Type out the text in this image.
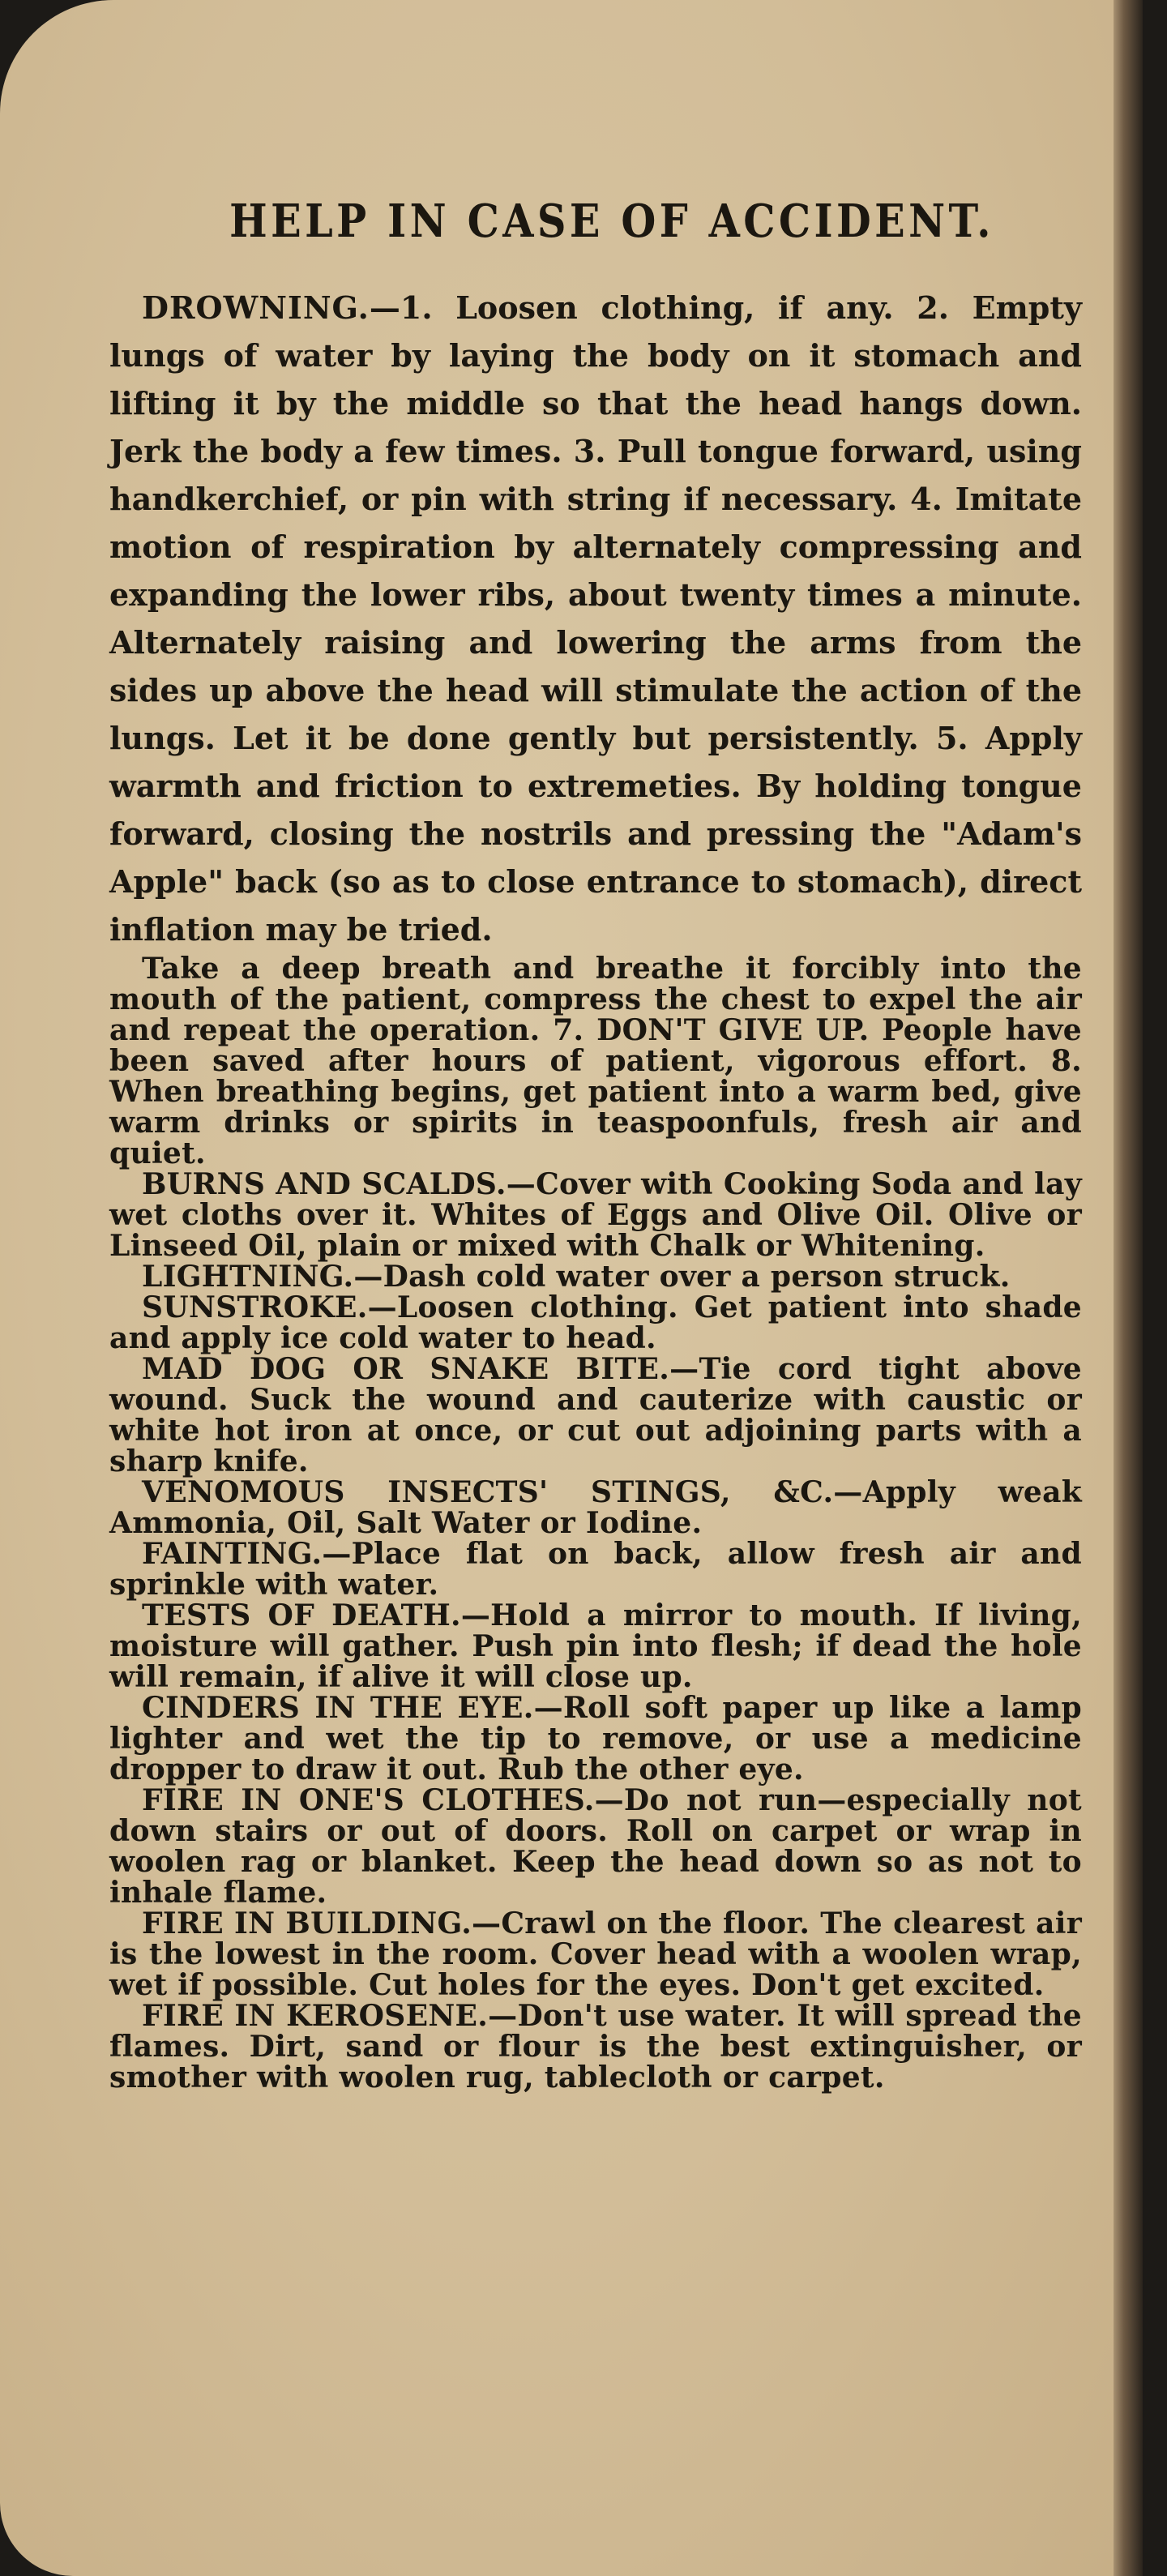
HELP IN CASE OF ACCIDENT.

DROWNING.—1. Loosen clothing, if any. 2. Empty lungs of water by laying the body on it stomach and lifting it by the middle so that the head hangs down. Jerk the body a few times. 3. Pull tongue forward, using handkerchief, or pin with string if necessary. 4. Imitate motion of respiration by alternately compressing and expanding the lower ribs, about twenty times a minute. Alternately raising and lowering the arms from the sides up above the head will stimulate the action of the lungs. Let it be done gently but persistently. 5. Apply warmth and friction to extremeties. By holding tongue forward, closing the nostrils and pressing the "Adam's Apple" back (so as to close entrance to stomach), direct inflation may be tried.

Take a deep breath and breathe it forcibly into the mouth of the patient, compress the chest to expel the air and repeat the operation. 7. DON'T GIVE UP. People have been saved after hours of patient, vigorous effort. 8. When breathing begins, get patient into a warm bed, give warm drinks or spirits in teaspoonfuls, fresh air and quiet.

BURNS AND SCALDS.—Cover with Cooking Soda and lay wet cloths over it. Whites of Eggs and Olive Oil. Olive or Linseed Oil, plain or mixed with Chalk or Whitening.

LIGHTNING.—Dash cold water over a person struck.

SUNSTROKE.—Loosen clothing. Get patient into shade and apply ice cold water to head.

MAD DOG OR SNAKE BITE.—Tie cord tight above wound. Suck the wound and cauterize with caustic or white hot iron at once, or cut out adjoining parts with a sharp knife.

VENOMOUS INSECTS' STINGS, &C.—Apply weak Ammonia, Oil, Salt Water or Iodine.

FAINTING.—Place flat on back, allow fresh air and sprinkle with water.

TESTS OF DEATH.—Hold a mirror to mouth. If living, moisture will gather. Push pin into flesh; if dead the hole will remain, if alive it will close up.

CINDERS IN THE EYE.—Roll soft paper up like a lamp lighter and wet the tip to remove, or use a medicine dropper to draw it out. Rub the other eye.

FIRE IN ONE'S CLOTHES.—Do not run—especially not down stairs or out of doors. Roll on carpet or wrap in woolen rag or blanket. Keep the head down so as not to inhale flame.

FIRE IN BUILDING.—Crawl on the floor. The clearest air is the lowest in the room. Cover head with a woolen wrap, wet if possible. Cut holes for the eyes. Don't get excited.

FIRE IN KEROSENE.—Don't use water. It will spread the flames. Dirt, sand or flour is the best extinguisher, or smother with woolen rug, tablecloth or carpet.
